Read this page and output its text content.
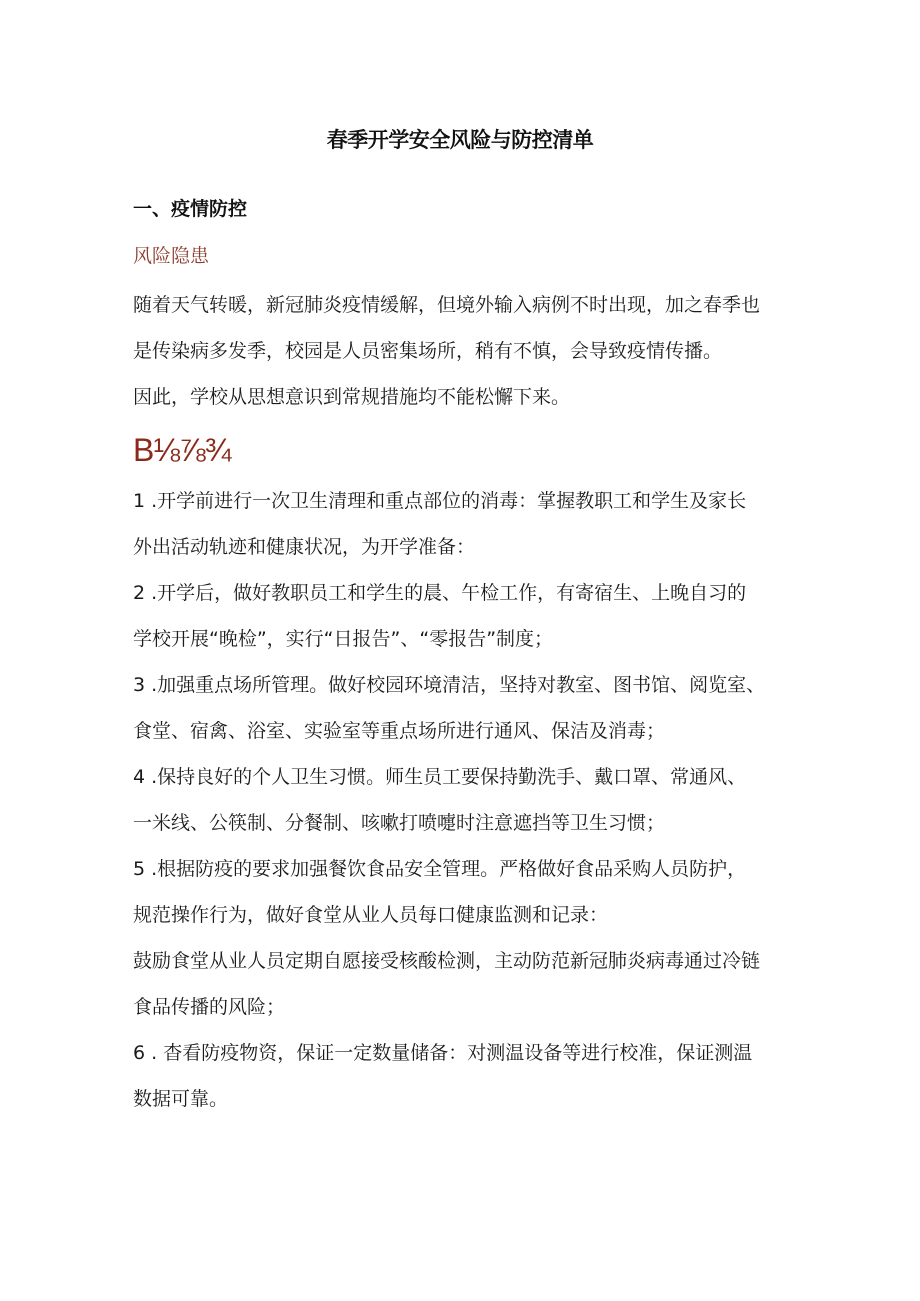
春季开学安全风险与防控清单
一、疫情防控
风险隐患
随着天气转暖，新冠肺炎疫情缓解，但境外输入病例不时出现，加之春季也
是传染病多发季，校园是人员密集场所，稍有不慎，会导致疫情传播。
因此，学校从思想意识到常规措施均不能松懈下来。
B⅛⅞¾
1 .开学前进行一次卫生清理和重点部位的消毒：掌握教职工和学生及家长
外出活动轨迹和健康状况，为开学准备：
2 .开学后，做好教职员工和学生的晨、午检工作，有寄宿生、上晚自习的
学校开展“晚检”，实行“日报告”、“零报告”制度；
3 .加强重点场所管理。做好校园环境清洁，坚持对教室、图书馆、阅览室、
食堂、宿禽、浴室、实验室等重点场所进行通风、保洁及消毒；
4 .保持良好的个人卫生习惯。师生员工要保持勤洗手、戴口罩、常通风、
一米线、公筷制、分餐制、咳嗽打喷嚏时注意遮挡等卫生习惯；
5 .根据防疫的要求加强餐饮食品安全管理。严格做好食品采购人员防护，
规范操作行为，做好食堂从业人员每口健康监测和记录：
鼓励食堂从业人员定期自愿接受核酸检测，主动防范新冠肺炎病毒通过冷链
食品传播的风险；
6 . 杳看防疫物资，保证一定数量储备：对测温设备等进行校准，保证测温
数据可靠。
